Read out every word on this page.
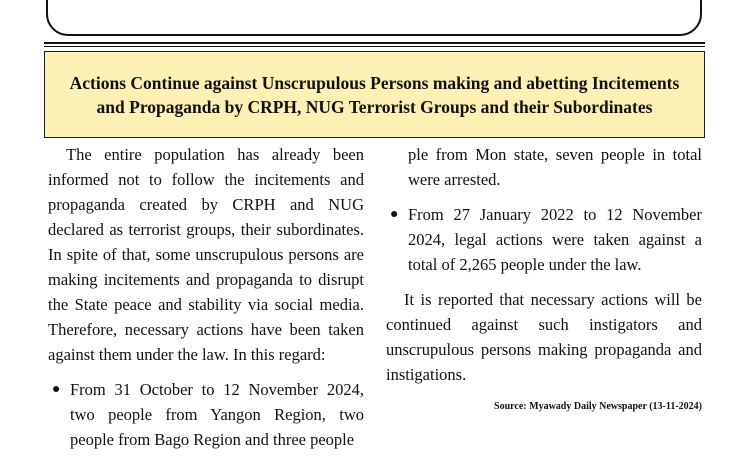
Actions Continue against Unscrupulous Persons making and abetting Incitements and Propaganda by CRPH, NUG Terrorist Groups and their Subordinates

The entire population has already been informed not to follow the incitements and propaganda created by CRPH and NUG declared as terrorist groups, their subordinates. In spite of that, some unscrupulous persons are making incitements and propaganda to disrupt the State peace and stability via social media. Therefore, necessary actions have been taken against them under the law. In this regard:

● From 31 October to 12 November 2024, two people from Yangon Region, two people from Bago Region and three people

ple from Mon state, seven people in total were arrested.

● From 27 January 2022 to 12 November 2024, legal actions were taken against a total of 2,265 people under the law.

It is reported that necessary actions will be continued against such instigators and unscrupulous persons making propaganda and instigations.

Source: Myawady Daily Newspaper (13-11-2024)
